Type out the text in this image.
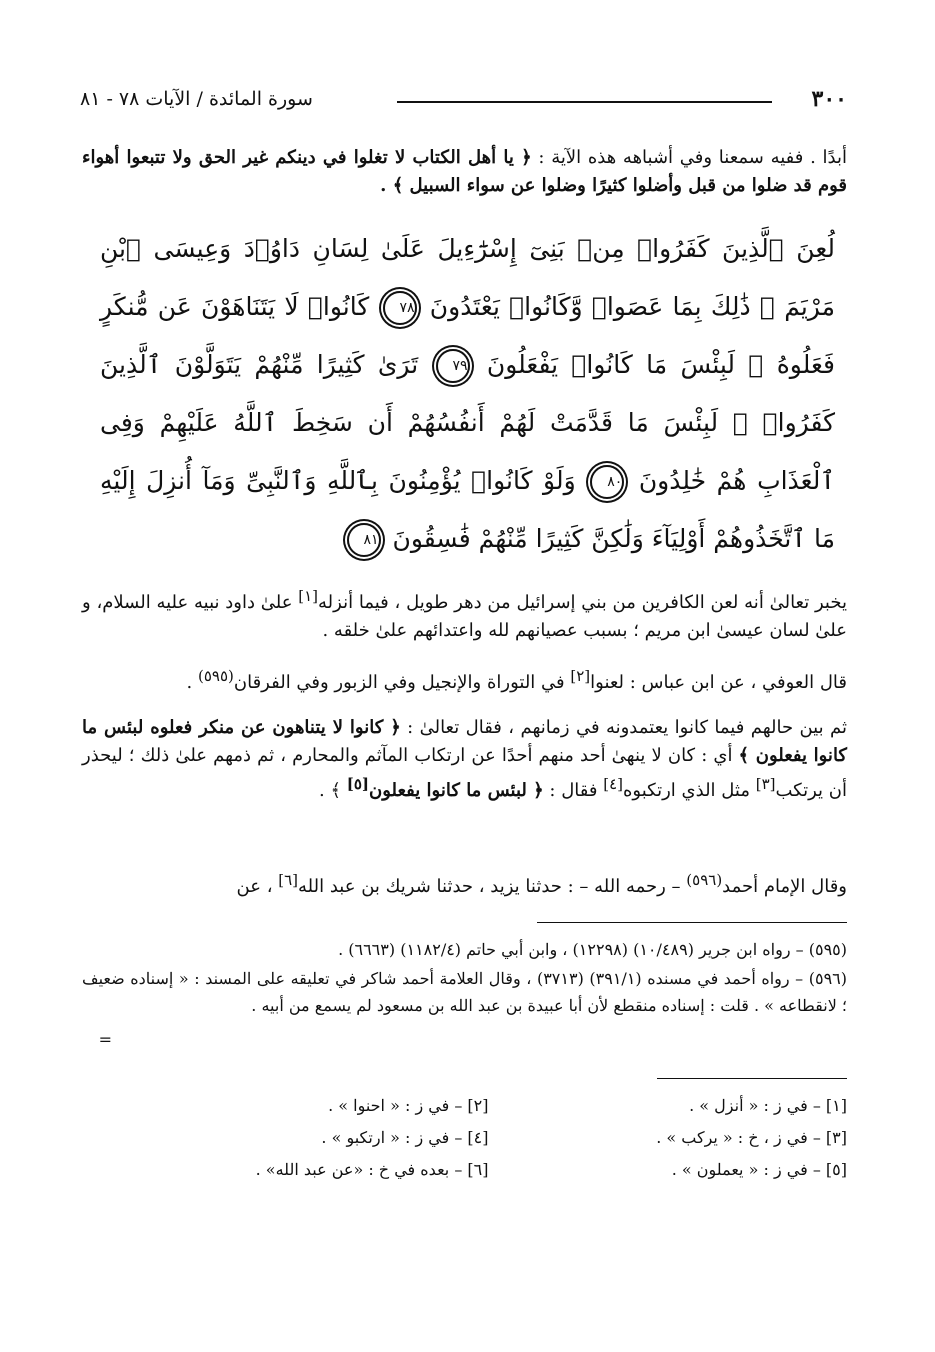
٣٠٠
سورة المائدة / الآيات ٧٨ - ٨١
أبدًا . ففيه سمعنا وفي أشباهه هذه الآية : ﴿ يا أهل الكتاب لا تغلوا في دينكم غير الحق ولا تتبعوا أهواء قوم قد ضلوا من قبل وأضلوا كثيرًا وضلوا عن سواء السبيل ﴾ .
لُعِنَ ٱلَّذِينَ كَفَرُوا۟ مِنۢ بَنِىٓ إِسْرَٰٓءِيلَ عَلَىٰ لِسَانِ دَاوُۥدَ وَعِيسَى ٱبْنِ مَرْيَمَ ۚ ذَٰلِكَ بِمَا عَصَوا۟ وَّكَانُوا۟ يَعْتَدُونَ ٧٨ كَانُوا۟ لَا يَتَنَاهَوْنَ عَن مُّنكَرٍ فَعَلُوهُ ۚ لَبِئْسَ مَا كَانُوا۟ يَفْعَلُونَ ٧٩ تَرَىٰ كَثِيرًا مِّنْهُمْ يَتَوَلَّوْنَ ٱلَّذِينَ كَفَرُوا۟ ۚ لَبِئْسَ مَا قَدَّمَتْ لَهُمْ أَنفُسُهُمْ أَن سَخِطَ ٱللَّهُ عَلَيْهِمْ وَفِى ٱلْعَذَابِ هُمْ خَٰلِدُونَ ٨٠ وَلَوْ كَانُوا۟ يُؤْمِنُونَ بِٱللَّهِ وَٱلنَّبِىِّ وَمَآ أُنزِلَ إِلَيْهِ مَا ٱتَّخَذُوهُمْ أَوْلِيَآءَ وَلَٰكِنَّ كَثِيرًا مِّنْهُمْ فَٰسِقُونَ ٨١
يخبر تعالىٰ أنه لعن الكافرين من بني إسرائيل من دهر طويل ، فيما أنزله[١] علىٰ داود نبيه عليه السلام، و علىٰ لسان عيسىٰ ابن مريم ؛ بسبب عصيانهم لله واعتدائهم علىٰ خلقه .
قال العوفي ، عن ابن عباس : لعنوا[٢] في التوراة والإنجيل وفي الزبور وفي الفرقان$^{(٥٩٥)}$ .
ثم بين حالهم فيما كانوا يعتمدونه في زمانهم ، فقال تعالىٰ : ﴿ كانوا لا يتناهون عن منكر فعلوه لبئس ما كانوا يفعلون ﴾ أي : كان لا ينهىٰ أحد منهم أحدًا عن ارتكاب المآثم والمحارم ، ثم ذمهم علىٰ ذلك ؛ ليحذر أن يرتكب[٣] مثل الذي ارتكبوه[٤] فقال : ﴿ لبئس ما كانوا يفعلون[٥] ﴾ .
وقال الإمام أحمد$^{(٥٩٦)}$ – رحمه الله – : حدثنا يزيد ، حدثنا شريك بن عبد الله[٦] ، عن
(٥٩٥) – رواه ابن جرير (١٠/٤٨٩) (١٢٢٩٨) ، وابن أبي حاتم (١١٨٢/٤) (٦٦٦٣) .
(٥٩٦) – رواه أحمد في مسنده (٣٩١/١) (٣٧١٣) ، وقال العلامة أحمد شاكر في تعليقه على المسند : « إسناده ضعيف ؛ لانقطاعه » . قلت : إسناده منقطع لأن أبا عبيدة بن عبد الله بن مسعود لم يسمع من أبيه .
=
[١] – في ز : « أنزل » .
[٢] – في ز : « احنوا » .
[٣] – في ز ، خ : « يركب » .
[٤] – في ز : « ارتكبو » .
[٥] – في ز : « يعملون » .
[٦] – بعده في خ : «عن عبد الله» .
